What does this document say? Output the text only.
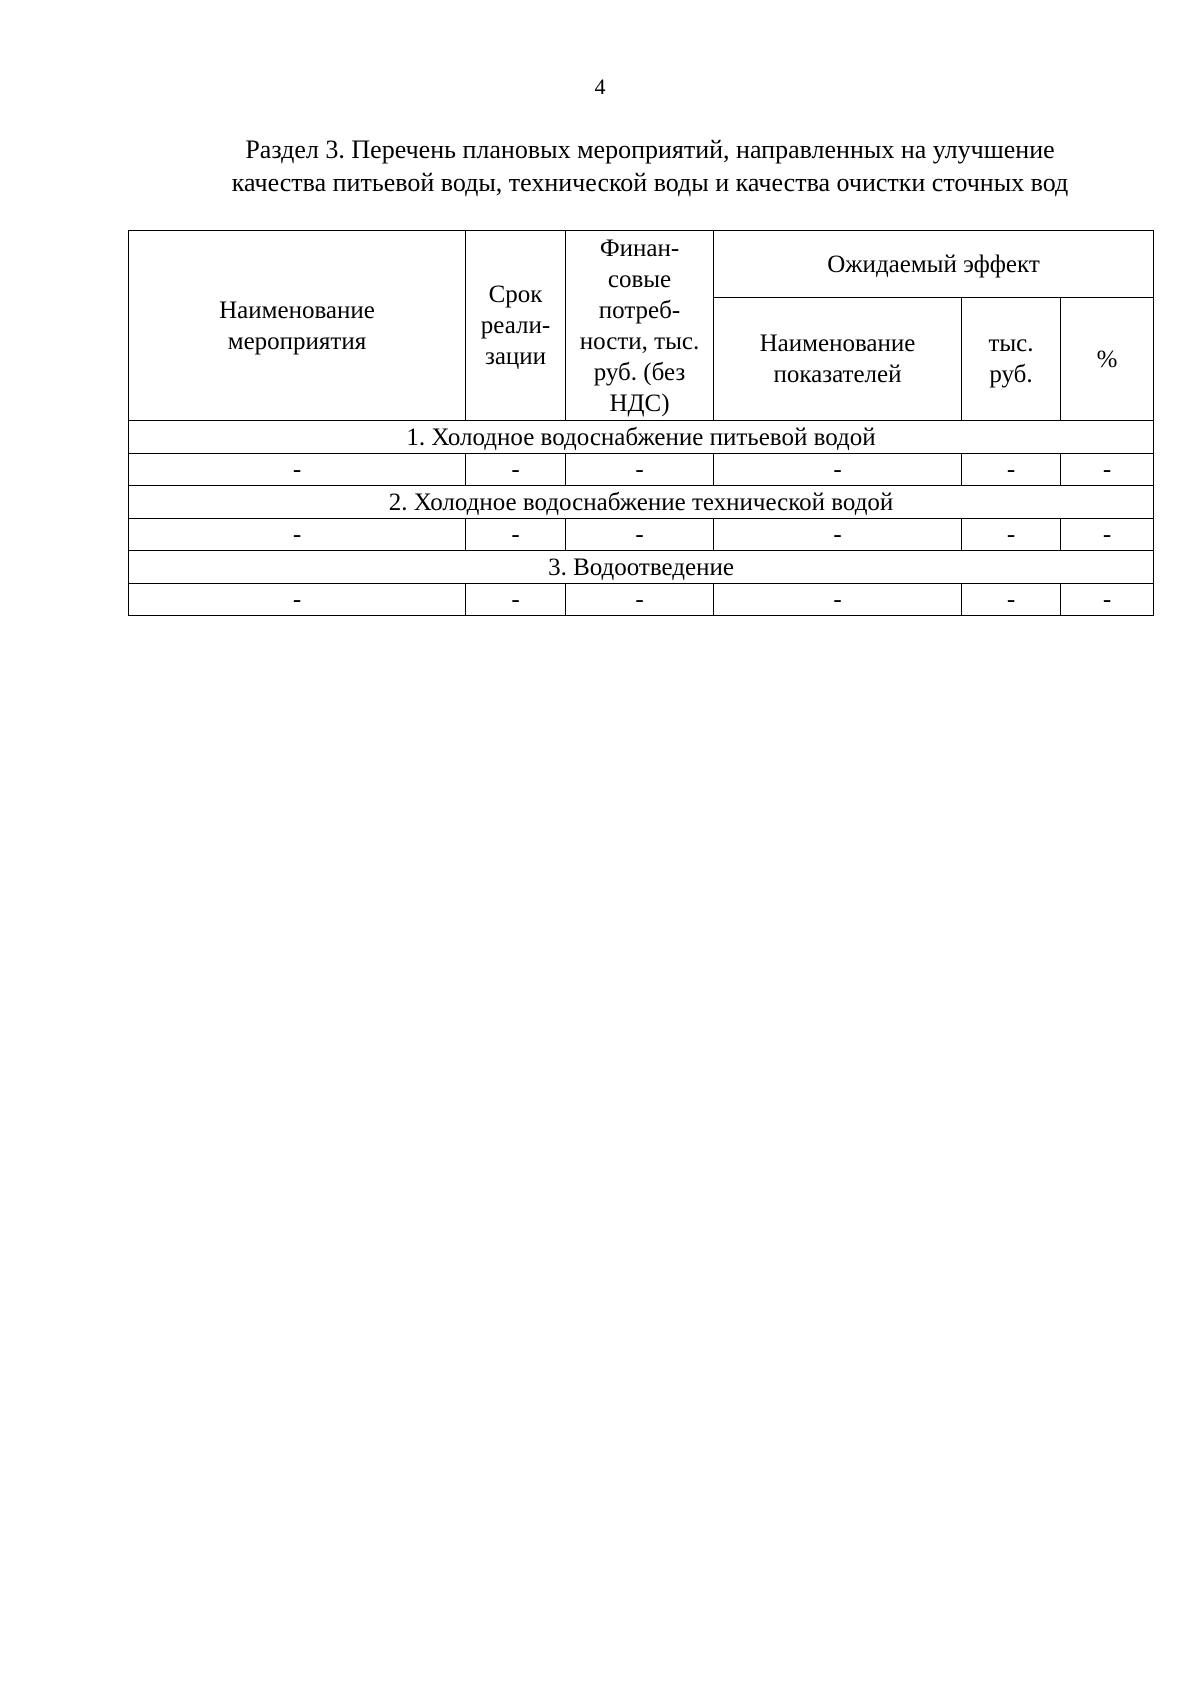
4
Раздел 3. Перечень плановых мероприятий, направленных на улучшение
качества питьевой воды, технической воды и качества очистки сточных вод
Наименование мероприятия	Срок реали-зации	Финан-совые потреб-ности, тыс. руб. (без НДС)	Ожидаемый эффект		

			Наименование показателей	тыс. руб.	%
1. Холодное водоснабжение питьевой водой					
-	-	-	-	-	-
2. Холодное водоснабжение технической водой					
-	-	-	-	-	-
3. Водоотведение					
-	-	-	-	-	-
